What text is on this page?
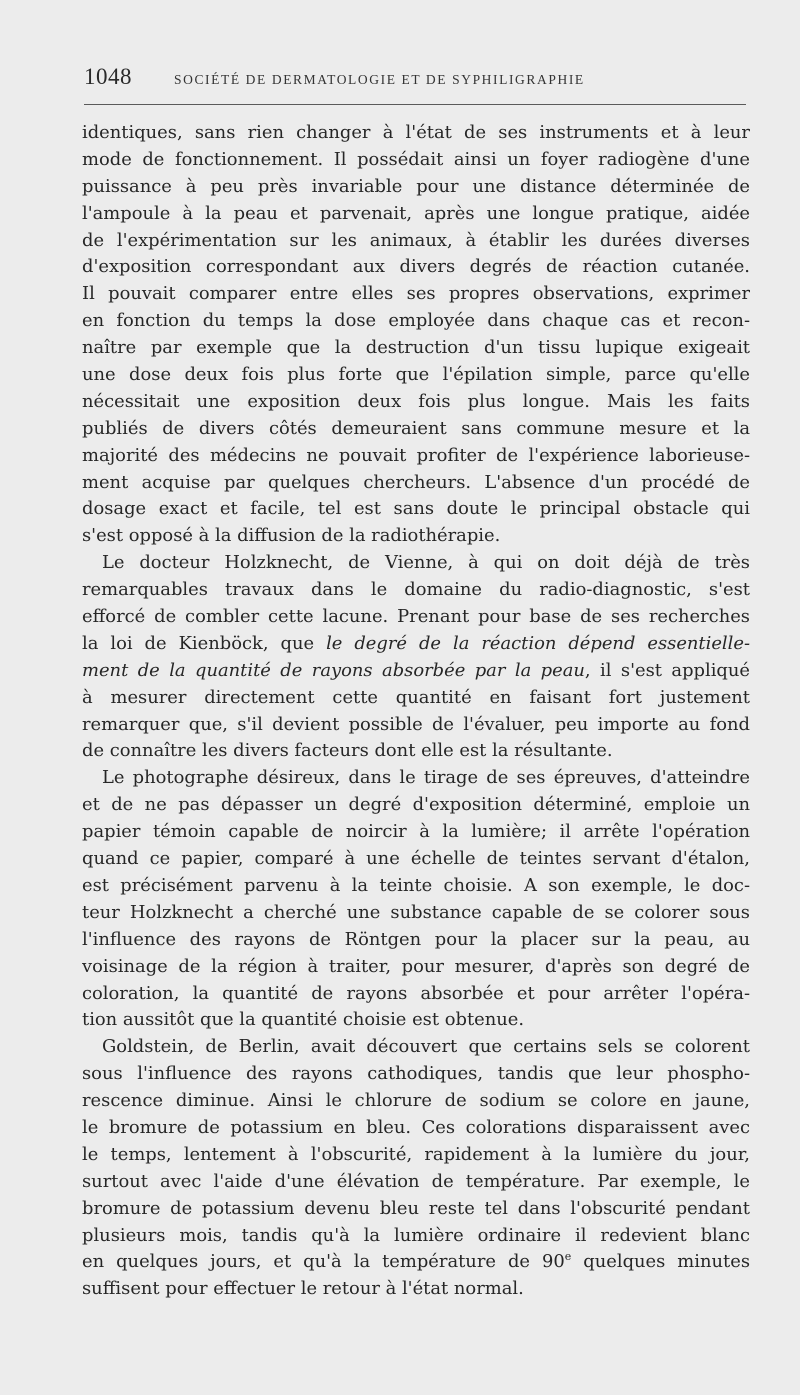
1048	SOCIÉTÉ DE DERMATOLOGIE ET DE SYPHILIGRAPHIE
identiques, sans rien changer à l'état de ses instruments et à leur
mode de fonctionnement. Il possédait ainsi un foyer radiogène d'une
puissance à peu près invariable pour une distance déterminée de
l'ampoule à la peau et parvenait, après une longue pratique, aidée
de l'expérimentation sur les animaux, à établir les durées diverses
d'exposition correspondant aux divers degrés de réaction cutanée.
Il pouvait comparer entre elles ses propres observations, exprimer
en fonction du temps la dose employée dans chaque cas et recon-
naître par exemple que la destruction d'un tissu lupique exigeait
une dose deux fois plus forte que l'épilation simple, parce qu'elle
nécessitait une exposition deux fois plus longue. Mais les faits
publiés de divers côtés demeuraient sans commune mesure et la
majorité des médecins ne pouvait profiter de l'expérience laborieuse-
ment acquise par quelques chercheurs. L'absence d'un procédé de
dosage exact et facile, tel est sans doute le principal obstacle qui
s'est opposé à la diffusion de la radiothérapie.
Le docteur Holzknecht, de Vienne, à qui on doit déjà de très
remarquables travaux dans le domaine du radio-diagnostic, s'est
efforcé de combler cette lacune. Prenant pour base de ses recherches
la loi de Kienböck, que le degré de la réaction dépend essentielle-
ment de la quantité de rayons absorbée par la peau, il s'est appliqué
à mesurer directement cette quantité en faisant fort justement
remarquer que, s'il devient possible de l'évaluer, peu importe au fond
de connaître les divers facteurs dont elle est la résultante.
Le photographe désireux, dans le tirage de ses épreuves, d'atteindre
et de ne pas dépasser un degré d'exposition déterminé, emploie un
papier témoin capable de noircir à la lumière; il arrête l'opération
quand ce papier, comparé à une échelle de teintes servant d'étalon,
est précisément parvenu à la teinte choisie. A son exemple, le doc-
teur Holzknecht a cherché une substance capable de se colorer sous
l'influence des rayons de Röntgen pour la placer sur la peau, au
voisinage de la région à traiter, pour mesurer, d'après son degré de
coloration, la quantité de rayons absorbée et pour arrêter l'opéra-
tion aussitôt que la quantité choisie est obtenue.
Goldstein, de Berlin, avait découvert que certains sels se colorent
sous l'influence des rayons cathodiques, tandis que leur phospho-
rescence diminue. Ainsi le chlorure de sodium se colore en jaune,
le bromure de potassium en bleu. Ces colorations disparaissent avec
le temps, lentement à l'obscurité, rapidement à la lumière du jour,
surtout avec l'aide d'une élévation de température. Par exemple, le
bromure de potassium devenu bleu reste tel dans l'obscurité pendant
plusieurs mois, tandis qu'à la lumière ordinaire il redevient blanc
en quelques jours, et qu'à la température de 90e quelques minutes
suffisent pour effectuer le retour à l'état normal.
